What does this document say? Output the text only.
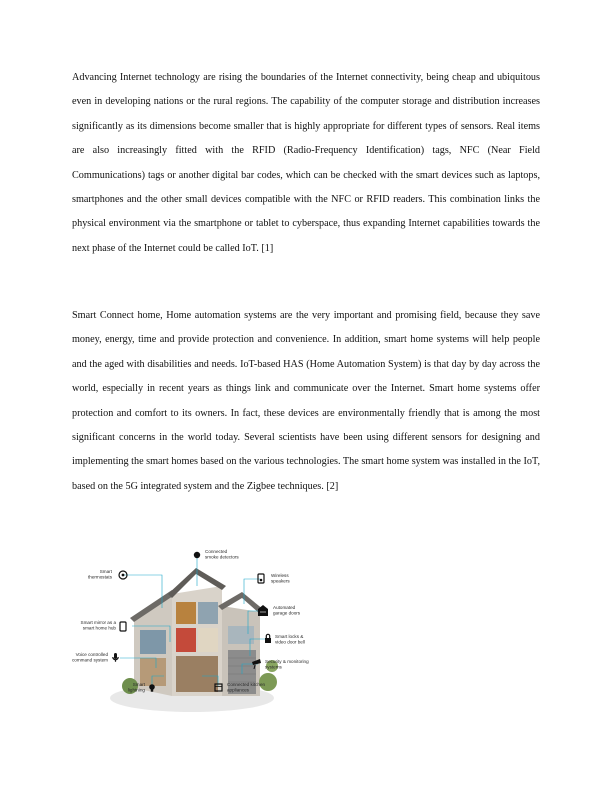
Advancing Internet technology are rising the boundaries of the Internet connectivity, being cheap and ubiquitous even in developing nations or the rural regions. The capability of the computer storage and distribution increases significantly as its dimensions become smaller that is highly appropriate for different types of sensors. Real items are also increasingly fitted with the RFID (Radio-Frequency Identification) tags, NFC (Near Field Communications) tags or another digital bar codes, which can be checked with the smart devices such as laptops, smartphones and the other small devices compatible with the NFC or RFID readers. This combination links the physical environment via the smartphone or tablet to cyberspace, thus expanding Internet capabilities towards the next phase of the Internet could be called IoT. [1]

Smart Connect home, Home automation systems are the very important and promising field, because they save money, energy, time and provide protection and convenience. In addition, smart home systems will help people and the aged with disabilities and needs. IoT-based HAS (Home Automation System) is that day by day across the world, especially in recent years as things link and communicate over the Internet. Smart home systems offer protection and comfort to its owners. In fact, these devices are environmentally friendly that is among the most significant concerns in the world today. Several scientists have been using different sensors for designing and implementing the smart homes based on the various technologies. The smart home system was installed in the IoT, based on the 5G integrated system and the Zigbee techniques. [2]

Connected
smoke detectors
Smart
thermostats	Wireless
speakers
Automated
garage doors
Smart mirror as a
smart home hub
Smart locks &
video door bell
Voice controlled
command system	Security & monitoring
systems
Smart
lightning
Connected kitchen
appliances
